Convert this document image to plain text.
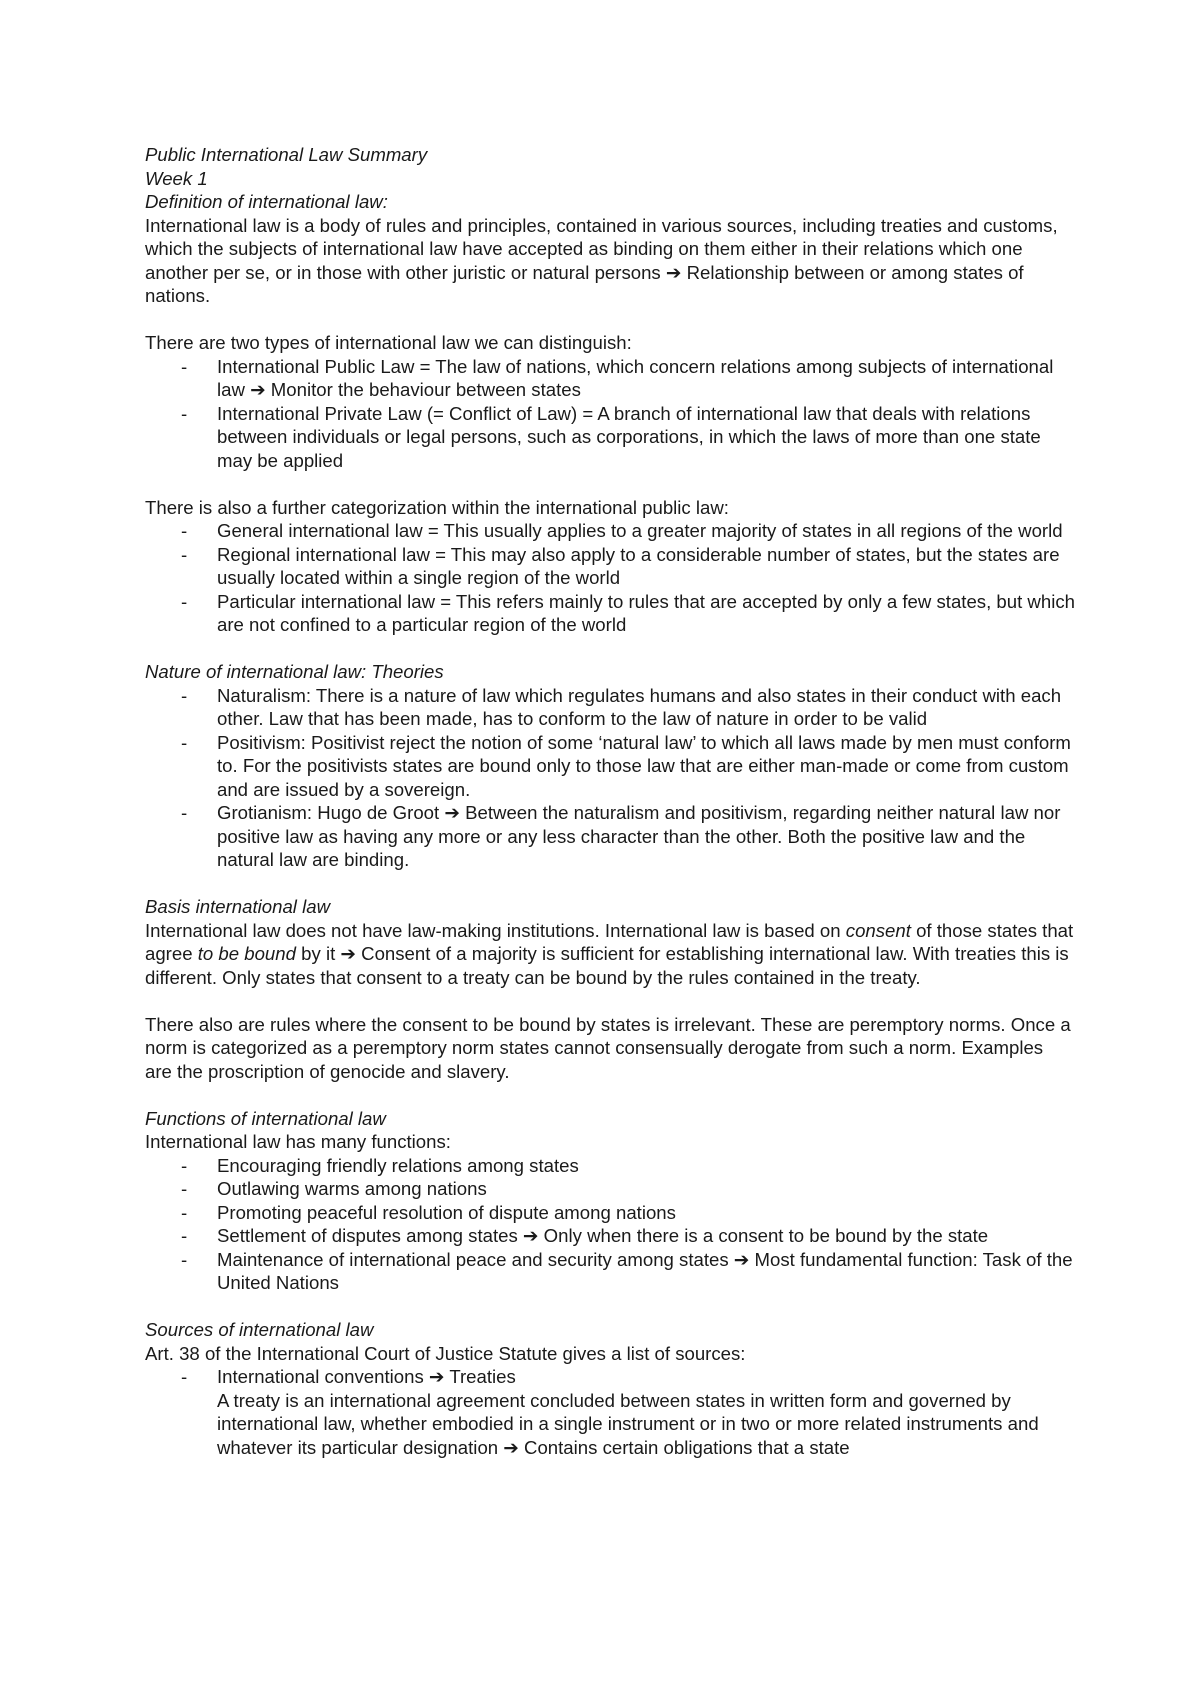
Public International Law Summary

Week 1

Definition of international law:

International law is a body of rules and principles, contained in various sources, including treaties and customs, which the subjects of international law have accepted as binding on them either in their relations which one another per se, or in those with other juristic or natural persons ➔ Relationship between or among states of nations.

There are two types of international law we can distinguish:

- International Public Law = The law of nations, which concern relations among subjects of international law ➔ Monitor the behaviour between states
- International Private Law (= Conflict of Law) = A branch of international law that deals with relations between individuals or legal persons, such as corporations, in which the laws of more than one state may be applied

There is also a further categorization within the international public law:

- General international law = This usually applies to a greater majority of states in all regions of the world
- Regional international law = This may also apply to a considerable number of states, but the states are usually located within a single region of the world
- Particular international law = This refers mainly to rules that are accepted by only a few states, but which are not confined to a particular region of the world

Nature of international law: Theories

- Naturalism: There is a nature of law which regulates humans and also states in their conduct with each other. Law that has been made, has to conform to the law of nature in order to be valid
- Positivism: Positivist reject the notion of some ‘natural law’ to which all laws made by men must conform to. For the positivists states are bound only to those law that are either man-made or come from custom and are issued by a sovereign.
- Grotianism: Hugo de Groot ➔ Between the naturalism and positivism, regarding neither natural law nor positive law as having any more or any less character than the other. Both the positive law and the natural law are binding.

Basis international law

International law does not have law-making institutions. International law is based on consent of those states that agree to be bound by it ➔ Consent of a majority is sufficient for establishing international law. With treaties this is different. Only states that consent to a treaty can be bound by the rules contained in the treaty.

There also are rules where the consent to be bound by states is irrelevant. These are peremptory norms. Once a norm is categorized as a peremptory norm states cannot consensually derogate from such a norm. Examples are the proscription of genocide and slavery.

Functions of international law

International law has many functions:

- Encouraging friendly relations among states
- Outlawing warms among nations
- Promoting peaceful resolution of dispute among nations
- Settlement of disputes among states ➔ Only when there is a consent to be bound by the state
- Maintenance of international peace and security among states ➔ Most fundamental function: Task of the United Nations

Sources of international law

Art. 38 of the International Court of Justice Statute gives a list of sources:

- International conventions ➔ Treaties
A treaty is an international agreement concluded between states in written form and governed by international law, whether embodied in a single instrument or in two or more related instruments and whatever its particular designation ➔ Contains certain obligations that a state
